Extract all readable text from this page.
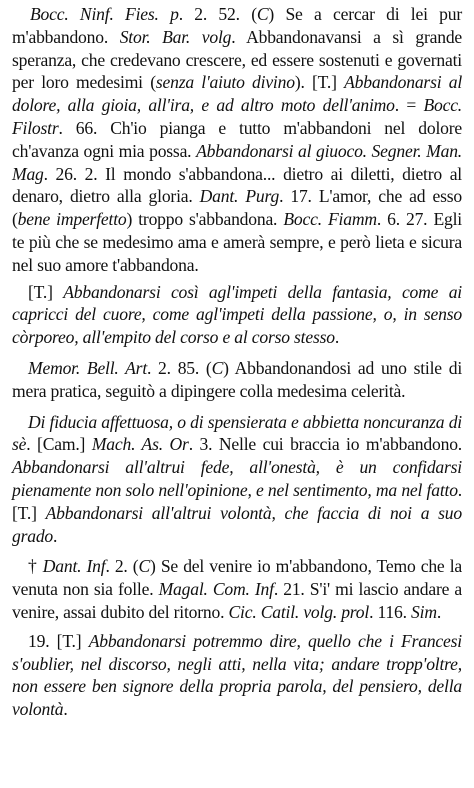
Bocc. Ninf. Fies. p. 2. 52. (C) Se a cercar di lei pur m'abbandono. Stor. Bar. volg. Abbandonavansi a sì grande speranza, che credevano crescere, ed essere sostenuti e governati per loro medesimi (senza l'aiuto divino). [T.] Abbandonarsi al dolore, alla gioia, all'ira, e ad altro moto dell'animo. = Bocc. Filostr. 66. Ch'io pianga e tutto m'abbandoni nel dolore ch'avanza ogni mia possa. Abbandonarsi al giuoco. Segner. Man. Mag. 26. 2. Il mondo s'abbandona... dietro ai diletti, dietro al denaro, dietro alla gloria. Dant. Purg. 17. L'amor, che ad esso (bene imperfetto) troppo s'abbandona. Bocc. Fiamm. 6. 27. Egli te più che se medesimo ama e amerà sempre, e però lieta e sicura nel suo amore t'abbandona.

[T.] Abbandonarsi così agl'impeti della fantasia, come ai capricci del cuore, come agl'impeti della passione, o, in senso còrporeo, all'empito del corso e al corso stesso.

Memor. Bell. Art. 2. 85. (C) Abbandonandosi ad uno stile di mera pratica, seguitò a dipingere colla medesima celerità.

Di fiducia affettuosa, o di spensierata e abbietta noncuranza di sè. [Cam.] Mach. As. Or. 3. Nelle cui braccia io m'abbandono. Abbandonarsi all'altrui fede, all'onestà, è un confidarsi pienamente non solo nell'opinione, e nel sentimento, ma nel fatto. [T.] Abbandonarsi all'altrui volontà, che faccia di noi a suo grado.

† Dant. Inf. 2. (C) Se del venire io m'abbandono, Temo che la venuta non sia folle. Magal. Com. Inf. 21. S'i' mi lascio andare a venire, assai dubito del ritorno. Cic. Catil. volg. prol. 116. Sim.

19. [T.] Abbandonarsi potremmo dire, quello che i Francesi s'oublier, nel discorso, negli atti, nella vita; andare tropp'oltre, non essere ben signore della propria parola, del pensiero, della volontà.
